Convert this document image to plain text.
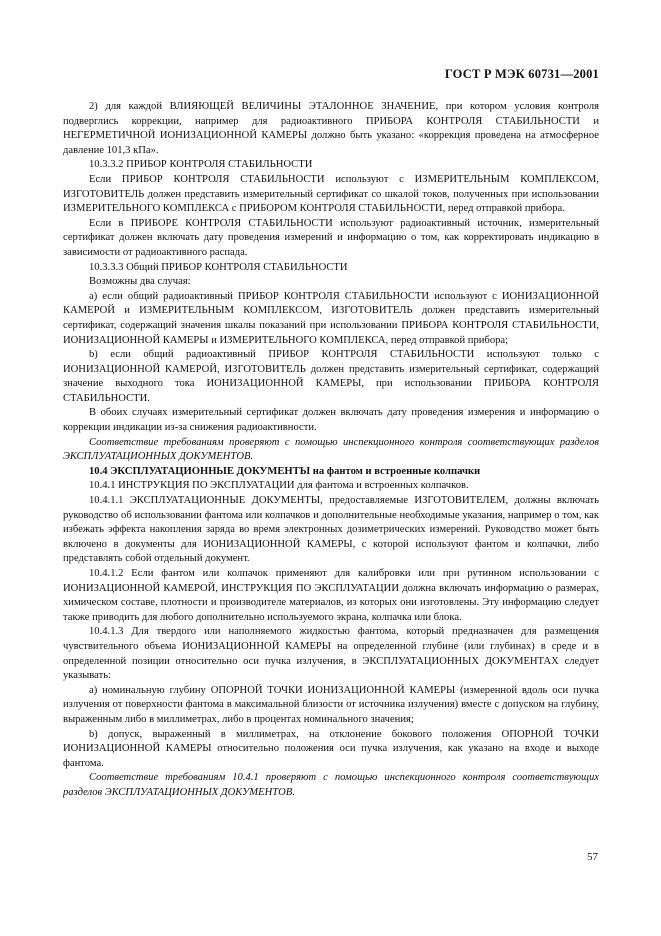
ГОСТ Р МЭК 60731—2001

2) для каждой ВЛИЯЮЩЕЙ ВЕЛИЧИНЫ ЭТАЛОННОЕ ЗНАЧЕНИЕ, при котором условия контроля подверглись коррекции, например для радиоактивного ПРИБОРА КОНТРОЛЯ СТАБИЛЬНОСТИ и НЕГЕРМЕТИЧНОЙ ИОНИЗАЦИОННОЙ КАМЕРЫ должно быть указано: «коррекция проведена на атмосферное давление 101,3 кПа».

10.3.3.2 ПРИБОР КОНТРОЛЯ СТАБИЛЬНОСТИ

Если ПРИБОР КОНТРОЛЯ СТАБИЛЬНОСТИ используют с ИЗМЕРИТЕЛЬНЫМ КОМПЛЕКСОМ, ИЗГОТОВИТЕЛЬ должен представить измерительный сертификат со шкалой токов, полученных при использовании ИЗМЕРИТЕЛЬНОГО КОМПЛЕКСА с ПРИБОРОМ КОНТРОЛЯ СТАБИЛЬНОСТИ, перед отправкой прибора.

Если в ПРИБОРЕ КОНТРОЛЯ СТАБИЛЬНОСТИ используют радиоактивный источник, измерительный сертификат должен включать дату проведения измерений и информацию о том, как корректировать индикацию в зависимости от радиоактивного распада.

10.3.3.3 Общий ПРИБОР КОНТРОЛЯ СТАБИЛЬНОСТИ

Возможны два случая:

а) если общий радиоактивный ПРИБОР КОНТРОЛЯ СТАБИЛЬНОСТИ используют с ИОНИЗАЦИОННОЙ КАМЕРОЙ и ИЗМЕРИТЕЛЬНЫМ КОМПЛЕКСОМ, ИЗГОТОВИТЕЛЬ должен представить измерительный сертификат, содержащий значения шкалы показаний при использовании ПРИБОРА КОНТРОЛЯ СТАБИЛЬНОСТИ, ИОНИЗАЦИОННОЙ КАМЕРЫ и ИЗМЕРИТЕЛЬНОГО КОМПЛЕКСА, перед отправкой прибора;

b) если общий радиоактивный ПРИБОР КОНТРОЛЯ СТАБИЛЬНОСТИ используют только с ИОНИЗАЦИОННОЙ КАМЕРОЙ, ИЗГОТОВИТЕЛЬ должен представить измерительный сертификат, содержащий значение выходного тока ИОНИЗАЦИОННОЙ КАМЕРЫ, при использовании ПРИБОРА КОНТРОЛЯ СТАБИЛЬНОСТИ.

В обоих случаях измерительный сертификат должен включать дату проведения измерения и информацию о коррекции индикации из-за снижения радиоактивности.

Соответствие требованиям проверяют с помощью инспекционного контроля соответствующих разделов ЭКСПЛУАТАЦИОННЫХ ДОКУМЕНТОВ.

10.4 ЭКСПЛУАТАЦИОННЫЕ ДОКУМЕНТЫ на фантом и встроенные колпачки

10.4.1 ИНСТРУКЦИЯ ПО ЭКСПЛУАТАЦИИ для фантома и встроенных колпачков.

10.4.1.1 ЭКСПЛУАТАЦИОННЫЕ ДОКУМЕНТЫ, предоставляемые ИЗГОТОВИТЕЛЕМ, должны включать руководство об использовании фантома или колпачков и дополнительные необходимые указания, например о том, как избежать эффекта накопления заряда во время электронных дозиметрических измерений. Руководство может быть включено в документы для ИОНИЗАЦИОННОЙ КАМЕРЫ, с которой используют фантом и колпачки, либо представлять собой отдельный документ.

10.4.1.2 Если фантом или колпачок применяют для калибровки или при рутинном использовании с ИОНИЗАЦИОННОЙ КАМЕРОЙ, ИНСТРУКЦИЯ ПО ЭКСПЛУАТАЦИИ должна включать информацию о размерах, химическом составе, плотности и производителе материалов, из которых они изготовлены. Эту информацию следует также приводить для любого дополнительно используемого экрана, колпачка или блока.

10.4.1.3 Для твердого или наполняемого жидкостью фантома, который предназначен для размещения чувствительного объема ИОНИЗАЦИОННОЙ КАМЕРЫ на определенной глубине (или глубинах) в среде и в определенной позиции относительно оси пучка излучения, в ЭКСПЛУАТАЦИОННЫХ ДОКУМЕНТАХ следует указывать:

а) номинальную глубину ОПОРНОЙ ТОЧКИ ИОНИЗАЦИОННОЙ КАМЕРЫ (измеренной вдоль оси пучка излучения от поверхности фантома в максимальной близости от источника излучения) вместе с допуском на глубину, выраженным либо в миллиметрах, либо в процентах номинального значения;

b) допуск, выраженный в миллиметрах, на отклонение бокового положения ОПОРНОЙ ТОЧКИ ИОНИЗАЦИОННОЙ КАМЕРЫ относительно положения оси пучка излучения, как указано на входе и выходе фантома.

Соответствие требованиям 10.4.1 проверяют с помощью инспекционного контроля соответствующих разделов ЭКСПЛУАТАЦИОННЫХ ДОКУМЕНТОВ.

57
